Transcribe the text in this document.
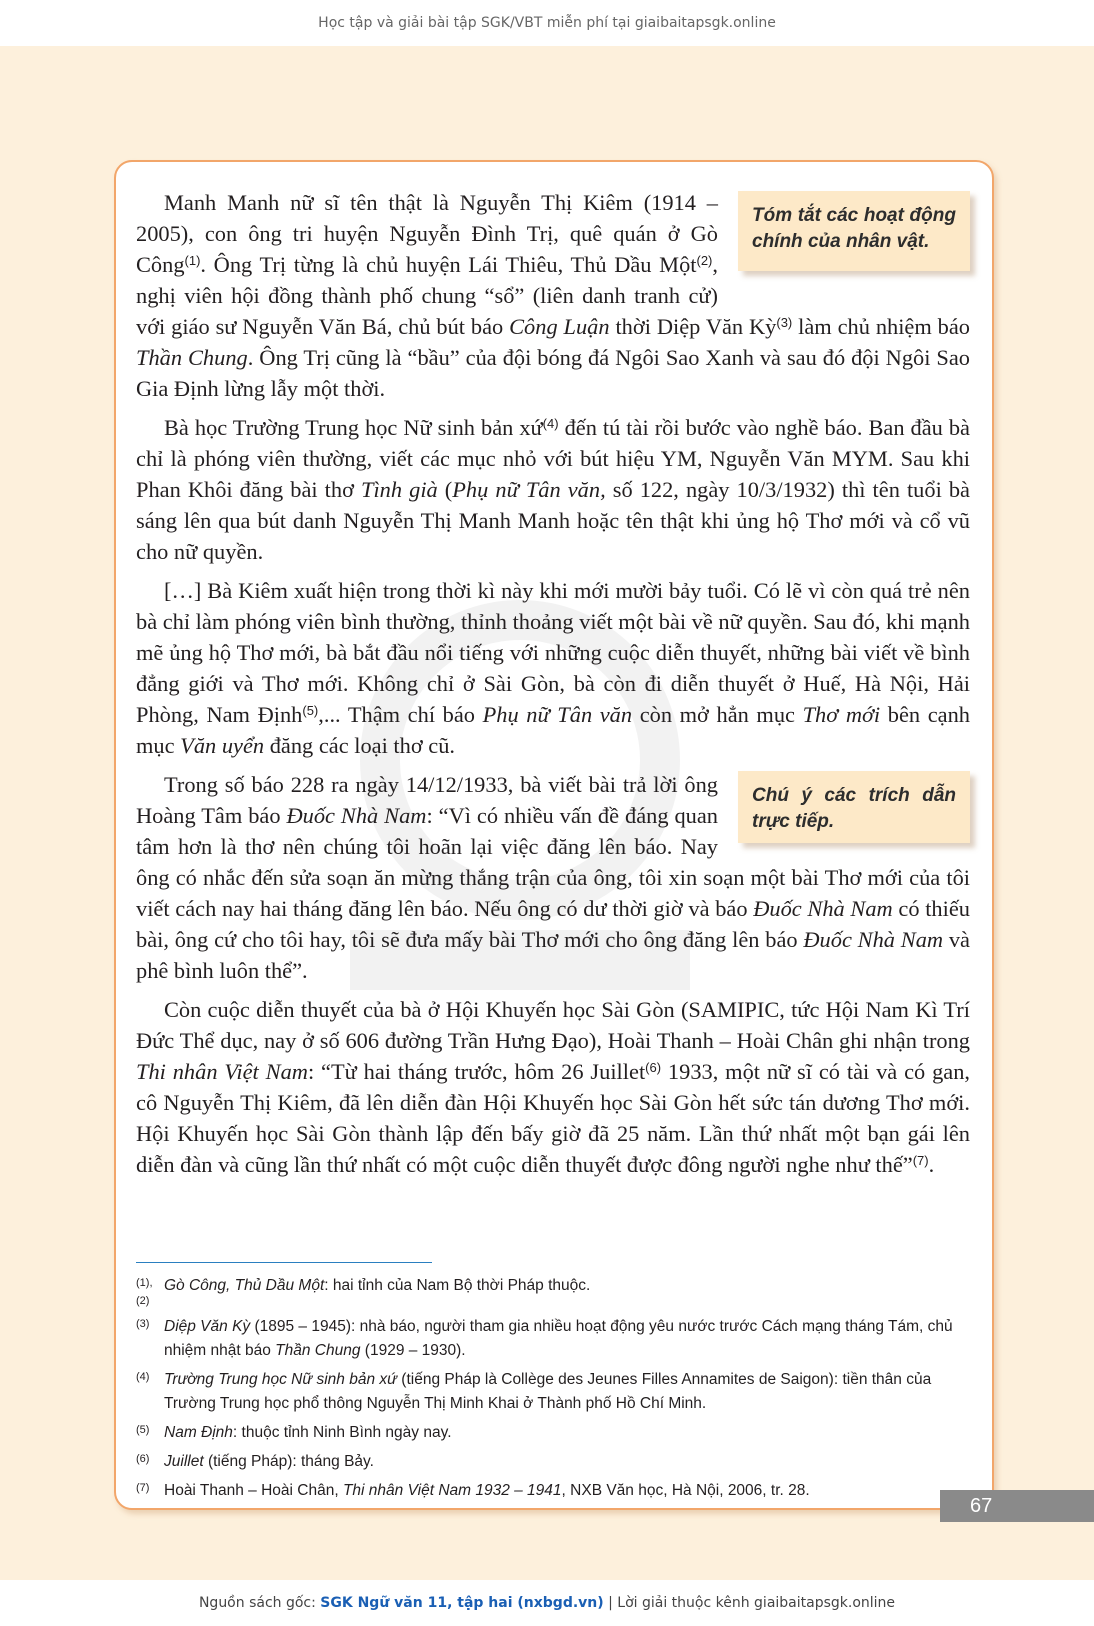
Học tập và giải bài tập SGK/VBT miễn phí tại giaibaitapsgk.online

Tóm tắt các hoạt động chính của nhân vật.
Manh Manh nữ sĩ tên thật là Nguyễn Thị Kiêm (1914 – 2005), con ông tri huyện Nguyễn Đình Trị, quê quán ở Gò Công$^{(1)}$. Ông Trị từng là chủ huyện Lái Thiêu, Thủ Dầu Một$^{(2)}$, nghị viên hội đồng thành phố chung “sổ” (liên danh tranh cử) với giáo sư Nguyễn Văn Bá, chủ bút báo Công Luận thời Diệp Văn Kỳ$^{(3)}$ làm chủ nhiệm báo Thần Chung. Ông Trị cũng là “bầu” của đội bóng đá Ngôi Sao Xanh và sau đó đội Ngôi Sao Gia Định lừng lẫy một thời.

Bà học Trường Trung học Nữ sinh bản xứ$^{(4)}$ đến tú tài rồi bước vào nghề báo. Ban đầu bà chỉ là phóng viên thường, viết các mục nhỏ với bút hiệu YM, Nguyễn Văn MYM. Sau khi Phan Khôi đăng bài thơ Tình già (Phụ nữ Tân văn, số 122, ngày 10/3/1932) thì tên tuổi bà sáng lên qua bút danh Nguyễn Thị Manh Manh hoặc tên thật khi ủng hộ Thơ mới và cổ vũ cho nữ quyền.

[…] Bà Kiêm xuất hiện trong thời kì này khi mới mười bảy tuổi. Có lẽ vì còn quá trẻ nên bà chỉ làm phóng viên bình thường, thỉnh thoảng viết một bài về nữ quyền. Sau đó, khi mạnh mẽ ủng hộ Thơ mới, bà bắt đầu nổi tiếng với những cuộc diễn thuyết, những bài viết về bình đẳng giới và Thơ mới. Không chỉ ở Sài Gòn, bà còn đi diễn thuyết ở Huế, Hà Nội, Hải Phòng, Nam Định$^{(5)}$,... Thậm chí báo Phụ nữ Tân văn còn mở hẳn mục Thơ mới bên cạnh mục Văn uyển đăng các loại thơ cũ.

Chú ý các trích dẫn trực tiếp.
Trong số báo 228 ra ngày 14/12/1933, bà viết bài trả lời ông Hoàng Tâm báo Đuốc Nhà Nam: “Vì có nhiều vấn đề đáng quan tâm hơn là thơ nên chúng tôi hoãn lại việc đăng lên báo. Nay ông có nhắc đến sửa soạn ăn mừng thắng trận của ông, tôi xin soạn một bài Thơ mới của tôi viết cách nay hai tháng đăng lên báo. Nếu ông có dư thời giờ và báo Đuốc Nhà Nam có thiếu bài, ông cứ cho tôi hay, tôi sẽ đưa mấy bài Thơ mới cho ông đăng lên báo Đuốc Nhà Nam và phê bình luôn thể”.

Còn cuộc diễn thuyết của bà ở Hội Khuyến học Sài Gòn (SAMIPIC, tức Hội Nam Kì Trí Đức Thể dục, nay ở số 606 đường Trần Hưng Đạo), Hoài Thanh – Hoài Chân ghi nhận trong Thi nhân Việt Nam: “Từ hai tháng trước, hôm 26 Juillet$^{(6)}$ 1933, một nữ sĩ có tài và có gan, cô Nguyễn Thị Kiêm, đã lên diễn đàn Hội Khuyến học Sài Gòn hết sức tán dương Thơ mới. Hội Khuyến học Sài Gòn thành lập đến bấy giờ đã 25 năm. Lần thứ nhất một bạn gái lên diễn đàn và cũng lần thứ nhất có một cuộc diễn thuyết được đông người nghe như thế”$^{(7)}$.

(1), (2)
Gò Công, Thủ Dầu Một: hai tỉnh của Nam Bộ thời Pháp thuộc.
(3) Diệp Văn Kỳ (1895 – 1945): nhà báo, người tham gia nhiều hoạt động yêu nước trước Cách mạng tháng Tám, chủ nhiệm nhật báo Thần Chung (1929 – 1930).
(4) Trường Trung học Nữ sinh bản xứ (tiếng Pháp là Collège des Jeunes Filles Annamites de Saigon): tiền thân của Trường Trung học phổ thông Nguyễn Thị Minh Khai ở Thành phố Hồ Chí Minh.
(5) Nam Định: thuộc tỉnh Ninh Bình ngày nay.
(6) Juillet (tiếng Pháp): tháng Bảy.
(7) Hoài Thanh – Hoài Chân, Thi nhân Việt Nam 1932 – 1941, NXB Văn học, Hà Nội, 2006, tr. 28.
67
Nguồn sách gốc: SGK Ngữ văn 11, tập hai (nxbgd.vn) | Lời giải thuộc kênh giaibaitapsgk.online
